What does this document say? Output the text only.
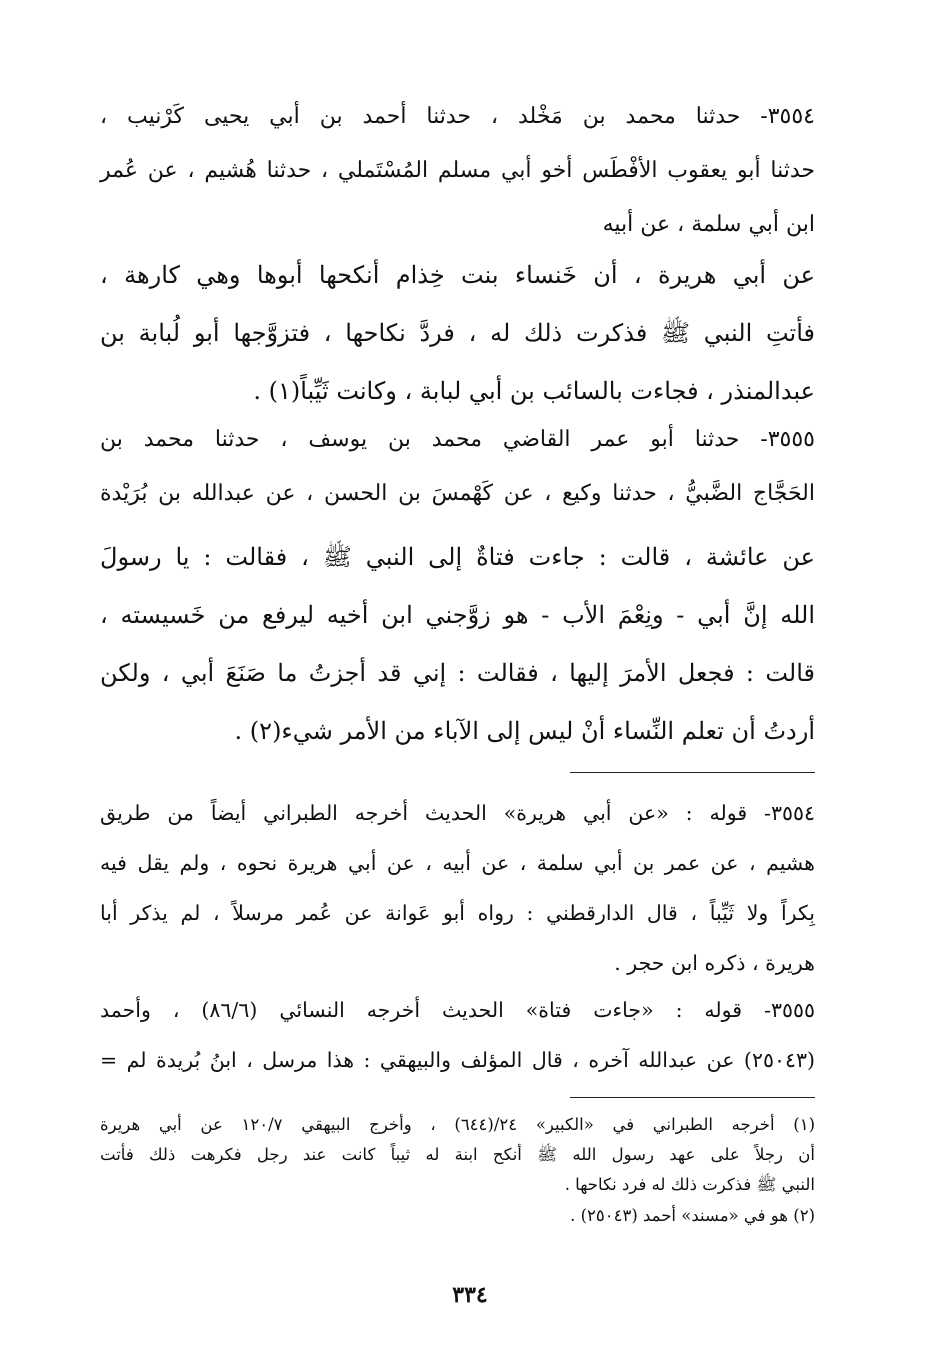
٣٥٥٤- حدثنا محمد بن مَخْلد ، حدثنا أحمد بن أبي يحيى كَرْنيب ،
حدثنا أبو يعقوب الأفْطَس أخو أبي مسلم المُسْتَملي ، حدثنا هُشيم ، عن عُمر
ابن أبي سلمة ، عن أبيه
عن أبي هريرة ، أن خَنساء بنت خِذام أنكحها أبوها وهي كارهة ،
فأتتِ النبي ﷺ فذكرت ذلك له ، فردَّ نكاحها ، فتزوَّجها أبو لُبابة بن
عبدالمنذر ، فجاءت بالسائب بن أبي لبابة ، وكانت ثَيِّباً(١) .
٣٥٥٥- حدثنا أبو عمر القاضي محمد بن يوسف ، حدثنا محمد بن
الحَجَّاج الضَّبيُّ ، حدثنا وكيع ، عن كَهْمسَ بن الحسن ، عن عبدالله بن بُرَيْدة
عن عائشة ، قالت : جاءت فتاةٌ إلى النبي ﷺ ، فقالت : يا رسولَ
الله إنَّ أبي - ونِعْمَ الأب - هو زوَّجني ابن أخيه ليرفع من خَسيسته ،
قالت : فجعل الأمرَ إليها ، فقالت : إني قد أجزتُ ما صَنَعَ أبي ، ولكن
أردتُ أن تعلم النِّساء أنْ ليس إلى الآباء من الأمر شيء(٢) .
٣٥٥٤- قوله : «عن أبي هريرة» الحديث أخرجه الطبراني أيضاً من طريق
هشيم ، عن عمر بن أبي سلمة ، عن أبيه ، عن أبي هريرة نحوه ، ولم يقل فيه
بِكراً ولا ثَيِّباً ، قال الدارقطني : رواه أبو عَوانة عن عُمر مرسلاً ، لم يذكر أبا
هريرة ، ذكره ابن حجر .
٣٥٥٥- قوله : «جاءت فتاة» الحديث أخرجه النسائي (٨٦/٦) ، وأحمد
(٢٥٠٤٣) عن عبدالله آخره ، قال المؤلف والبيهقي : هذا مرسل ، ابنُ بُريدة لم =
(١) أخرجه الطبراني في «الكبير» ٢٤/(٦٤٤) ، وأخرج البيهقي ١٢٠/٧ عن أبي هريرة
أن رجلاً على عهد رسول الله ﷺ أنكح ابنة له ثيباً كانت عند رجل فكرهت ذلك فأتت
النبي ﷺ فذكرت ذلك له فرد نكاحها .
(٢) هو في «مسند» أحمد (٢٥٠٤٣) .
٣٣٤
